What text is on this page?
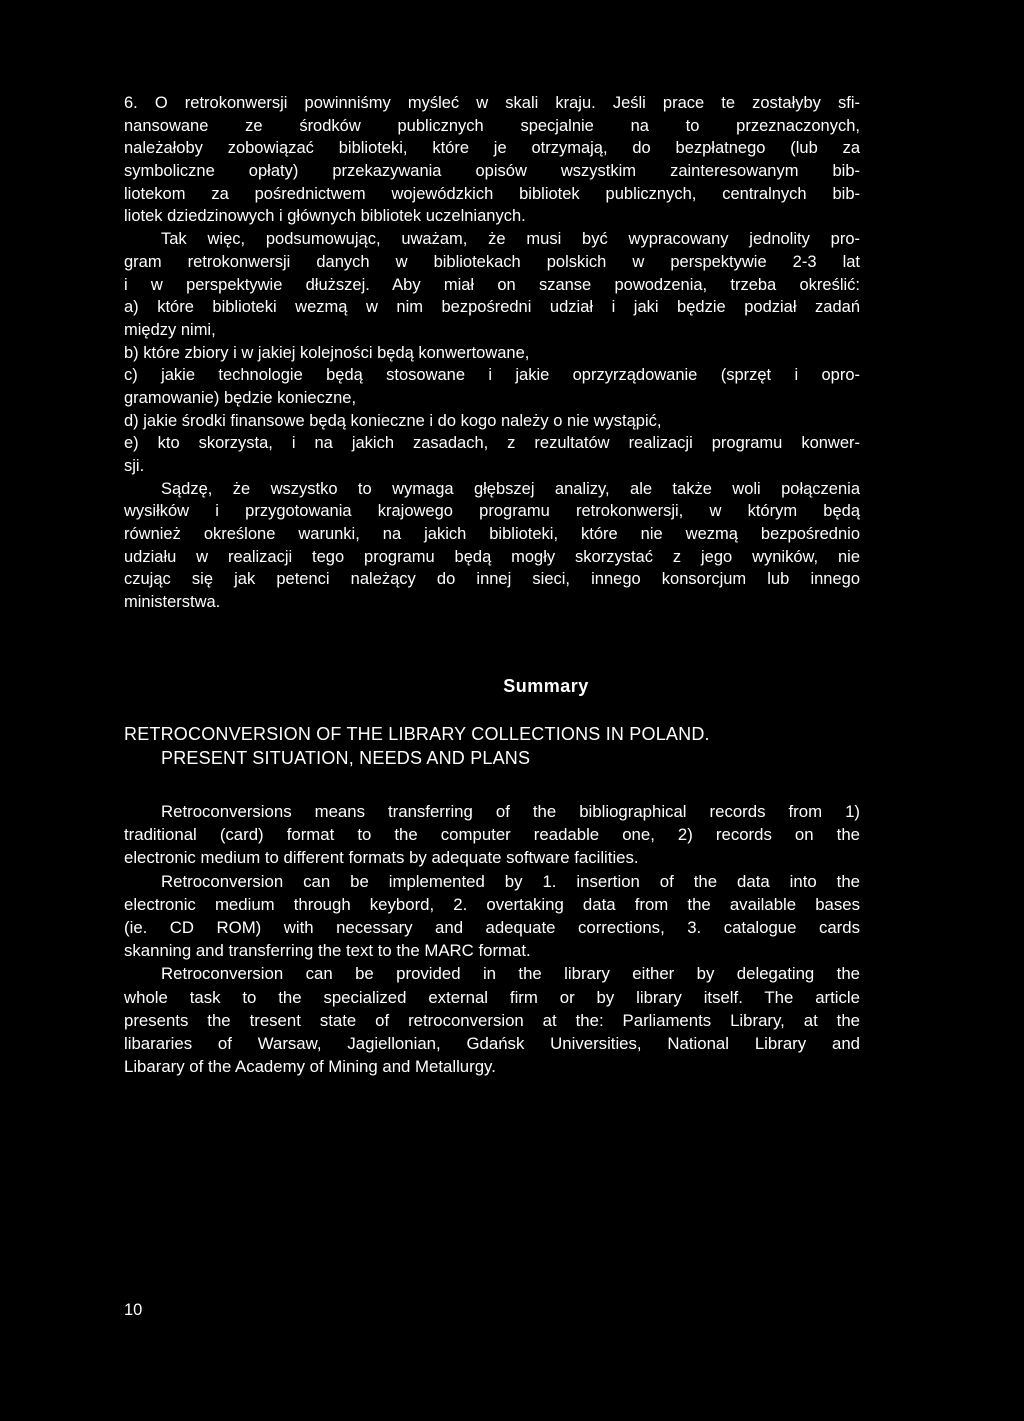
6. O retrokonwersji powinniśmy myśleć w skali kraju. Jeśli prace te zostałyby sfi-
nansowane ze środków publicznych specjalnie na to przeznaczonych,
należałoby zobowiązać biblioteki, które je otrzymają, do bezpłatnego (lub za
symboliczne opłaty) przekazywania opisów wszystkim zainteresowanym bib-
liotekom za pośrednictwem wojewódzkich bibliotek publicznych, centralnych bib-
liotek dziedzinowych i głównych bibliotek uczelnianych.
Tak więc, podsumowując, uważam, że musi być wypracowany jednolity pro-
gram retrokonwersji danych w bibliotekach polskich w perspektywie 2-3 lat
i w perspektywie dłuższej. Aby miał on szanse powodzenia, trzeba określić:
a) które biblioteki wezmą w nim bezpośredni udział i jaki będzie podział zadań
między nimi,
b) które zbiory i w jakiej kolejności będą konwertowane,
c) jakie technologie będą stosowane i jakie oprzyrządowanie (sprzęt i opro-
gramowanie) będzie konieczne,
d) jakie środki finansowe będą konieczne i do kogo należy o nie wystąpić,
e) kto skorzysta, i na jakich zasadach, z rezultatów realizacji programu konwer-
sji.
Sądzę, że wszystko to wymaga głębszej analizy, ale także woli połączenia
wysiłków i przygotowania krajowego programu retrokonwersji, w którym będą
również określone warunki, na jakich biblioteki, które nie wezmą bezpośrednio
udziału w realizacji tego programu będą mogły skorzystać z jego wyników, nie
czując się jak petenci należący do innej sieci, innego konsorcjum lub innego
ministerstwa.
Summary
RETROCONVERSION OF THE LIBRARY COLLECTIONS IN POLAND.
PRESENT SITUATION, NEEDS AND PLANS
Retroconversions means transferring of the bibliographical records from 1)
traditional (card) format to the computer readable one, 2) records on the
electronic medium to different formats by adequate software facilities.
Retroconversion can be implemented by 1. insertion of the data into the
electronic medium through keybord, 2. overtaking data from the available bases
(ie. CD ROM) with necessary and adequate corrections, 3. catalogue cards
skanning and transferring the text to the MARC format.
Retroconversion can be provided in the library either by delegating the
whole task to the specialized external firm or by library itself. The article
presents the tresent state of retroconversion at the: Parliaments Library, at the
libararies of Warsaw, Jagiellonian, Gdańsk Universities, National Library and
Libarary of the Academy of Mining and Metallurgy.
10
